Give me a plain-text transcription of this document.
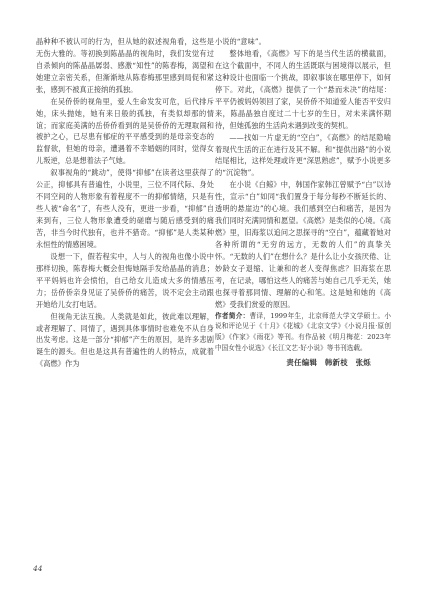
晶种种不被认可的行为，但从她的叙述视角看，这些是无伤大雅的。等初换到陈晶晶的视角时，我们发觉有过自杀倾向的陈晶晶孱弱、感激“知性”的陈春梅，渴望和她建立亲密关系，但渐渐地从陈春梅那里感到局促和紧张，感到不被真正接纳的孤独。

在吴侨侨的视角里，爱人生命发发可危，后代排斥她，床头抛她，她有来日般的孤独，有类似却那的情谊；而家庭美满的岳侨侨看到的是吴侨侨的无理取闹和被护之心，已尽患有郁症的平平感受到的是母亲变态的监督欲，但她的母亲，遭遇着不幸婚姻的同时，觉得女儿叛逆，总是想着法子气她。

叙事视角的“跳动”，使得“抑郁”在读者这里获得了公正，抑郁具有普遍性，小说里，三位不同代际、身处不同空间的人物形象有着程度不一的抑郁情绪，只是有些人被“命名”了，有些人没有，更进一步看，“抑郁”自来到有，三位人物形象遭受的磋磨与随后感受到的痛苦，非当今时代独有，也并不猎奇。“抑郁”是人类某种永恒性的情感困境。

设想一下，假若程实中，人与人的视角也像小说中那样切换，陈春梅大概会但悔她隔手发给晶晶的消息；平平妈妈也许会愤怕，自己给女儿造成大多的情感压力；岳侨侨亲身见证了吴侨侨的痛苦，说不定会主动跟开她给儿女打电话。

但视角无法互换。人类就是如此，彼此难以理解，或者理解了、同情了，遇到具体事情时也难免不从自身出发考虑。这是一部分“抑郁”产生的原因，是许多悲剧诞生的源头。但也是这具有普遍性的人的特点，成就着《高燃》作为

小说的“意味”。

整体地看，《高燃》写下的是当代生活的横截面，在这个截面中，不同人的生活既联与困境得以展示，但这种设计也面临一个挑战，即叙事该在哪里停下，如何停下。对此，《高燃》提供了一个“悬而未决”的结尾：平平仍被妈妈领回了家，吴侨侨不知道爱人能否平安归来，陈晶晶独自度过二十七岁的生日，对未来满怀期待，但她孤独的生活尚未遇到改变的契机。

——找如一片虚无的“空白”，《高燃》的结尾隐喻着现代生活的正在进行及其不解。和“提供出路”的小说结尾相比，这样处理或许更“深思熟虑”，赋予小说更多的“沉淀物”。

在小说《白鲸》中，韩国作家韩江曾赋予“白”以诗性，宣示“白”如同“我们置身于每分每秒不断延长的、透明的悬崖边”的心境。我们感到空白和痛苦，是因为我们同时充满同情和愿望。《高燃》是类似的心境。《高燃》里，旧海浆以追问之思探寻的“空白”，蕴藏着她对各种所谓的“无穷的远方，无数的人们”的真挚关怀。“无数的人们”在想什么？是什么让小女孩厌倦、让妙龄女子退缩、让兼和的老人变得焦虑？旧海浆在思考，在记录，哪怕这些人的痛苦与她自己几乎无关，她也探寻着那同情、理解的心和笔。这是她和她的《高燃》受我们赏爱的原因。

作者简介：曹译，1999年生，北京师范大学文学硕士。小说和评论见于《十月》《花城》《北京文学》《小说月报·原创版》《作家》《雨花》等刊。有作品被《明月梅花：2023年中国女性小说选》《长江文艺·好小说》等书刊选载。

责任编辑　韩新枝　张烁
44
